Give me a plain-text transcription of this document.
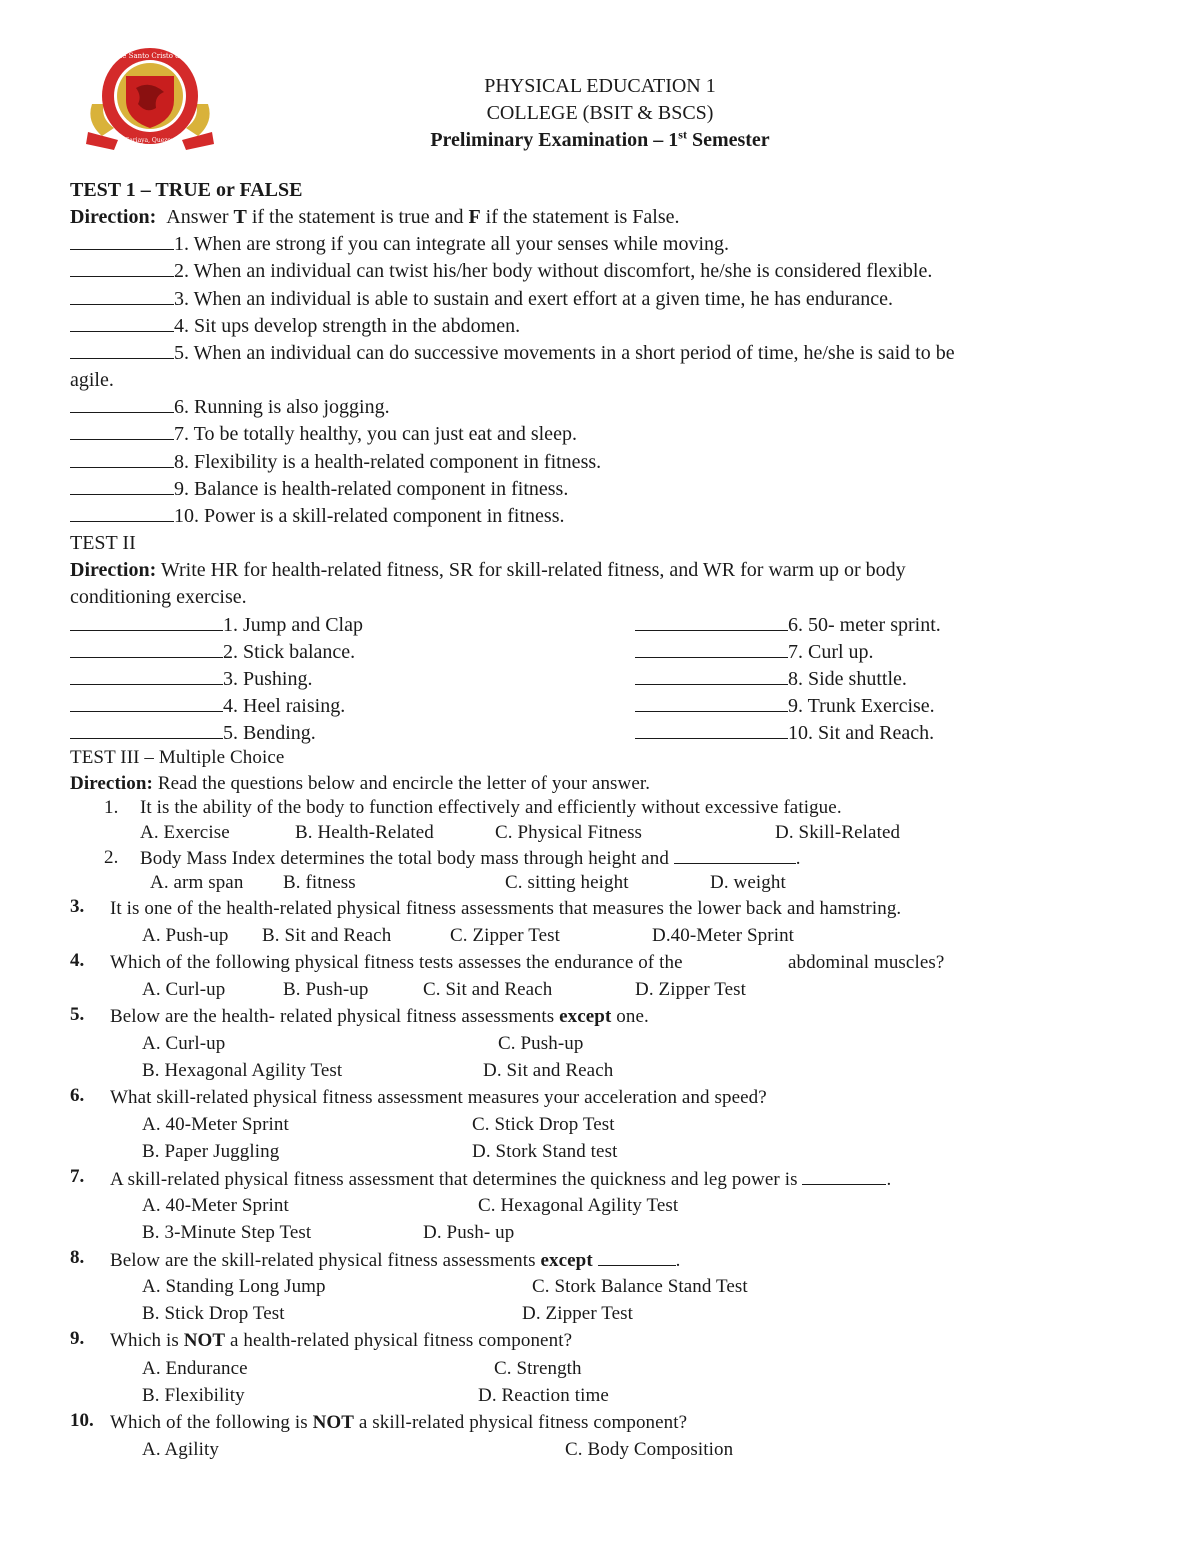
Colegio de Santo Cristo de Burgos
Sariaya, Quezon
PHYSICAL EDUCATION 1
COLLEGE (BSIT & BSCS)
Preliminary Examination – 1st Semester
TEST 1 – TRUE or FALSE
Direction: Answer T if the statement is true and F if the statement is False.
1. When are strong if you can integrate all your senses while moving.
2. When an individual can twist his/her body without discomfort, he/she is considered flexible.
3. When an individual is able to sustain and exert effort at a given time, he has endurance.
4. Sit ups develop strength in the abdomen.
5. When an individual can do successive movements in a short period of time, he/she is said to be
agile.
6. Running is also jogging.
7. To be totally healthy, you can just eat and sleep.
8. Flexibility is a health-related component in fitness.
9. Balance is health-related component in fitness.
10. Power is a skill-related component in fitness.
TEST II
Direction: Write HR for health-related fitness, SR for skill-related fitness, and WR for warm up or body
conditioning exercise.
1. Jump and Clap
2. Stick balance.
3. Pushing.
4. Heel raising.
5. Bending.
6. 50- meter sprint.
7. Curl up.
8. Side shuttle.
9. Trunk Exercise.
10. Sit and Reach.
TEST III – Multiple Choice
Direction: Read the questions below and encircle the letter of your answer.
1. It is the ability of the body to function effectively and efficiently without excessive fatigue.
A. Exercise	B. Health-Related	C. Physical Fitness	D. Skill-Related
2. Body Mass Index determines the total body mass through height and	.
A. arm span B. fitness	C. sitting height	D. weight
3. It is one of the health-related physical fitness assessments that measures the lower back and hamstring.
A. Push-up B. Sit and Reach	C. Zipper Test	D.40-Meter Sprint
4. Which of the following physical fitness tests assesses the endurance of the	abdominal muscles?
A. Curl-up	B. Push-up	C. Sit and Reach	D. Zipper Test
5. Below are the health- related physical fitness assessments except one.
A. Curl-up	C. Push-up
B. Hexagonal Agility Test	D. Sit and Reach
6. What skill-related physical fitness assessment measures your acceleration and speed?
A. 40-Meter Sprint	C. Stick Drop Test
B. Paper Juggling	D. Stork Stand test
7. A skill-related physical fitness assessment that determines the quickness and leg power is	.
A. 40-Meter Sprint	C. Hexagonal Agility Test
B. 3-Minute Step Test	D. Push- up
8. Below are the skill-related physical fitness assessments except	.
A. Standing Long Jump	C. Stork Balance Stand Test
B. Stick Drop Test	D. Zipper Test
9. Which is NOT a health-related physical fitness component?
A. Endurance	C. Strength
B. Flexibility	D. Reaction time
10. Which of the following is NOT a skill-related physical fitness component?
A. Agility	C. Body Composition
